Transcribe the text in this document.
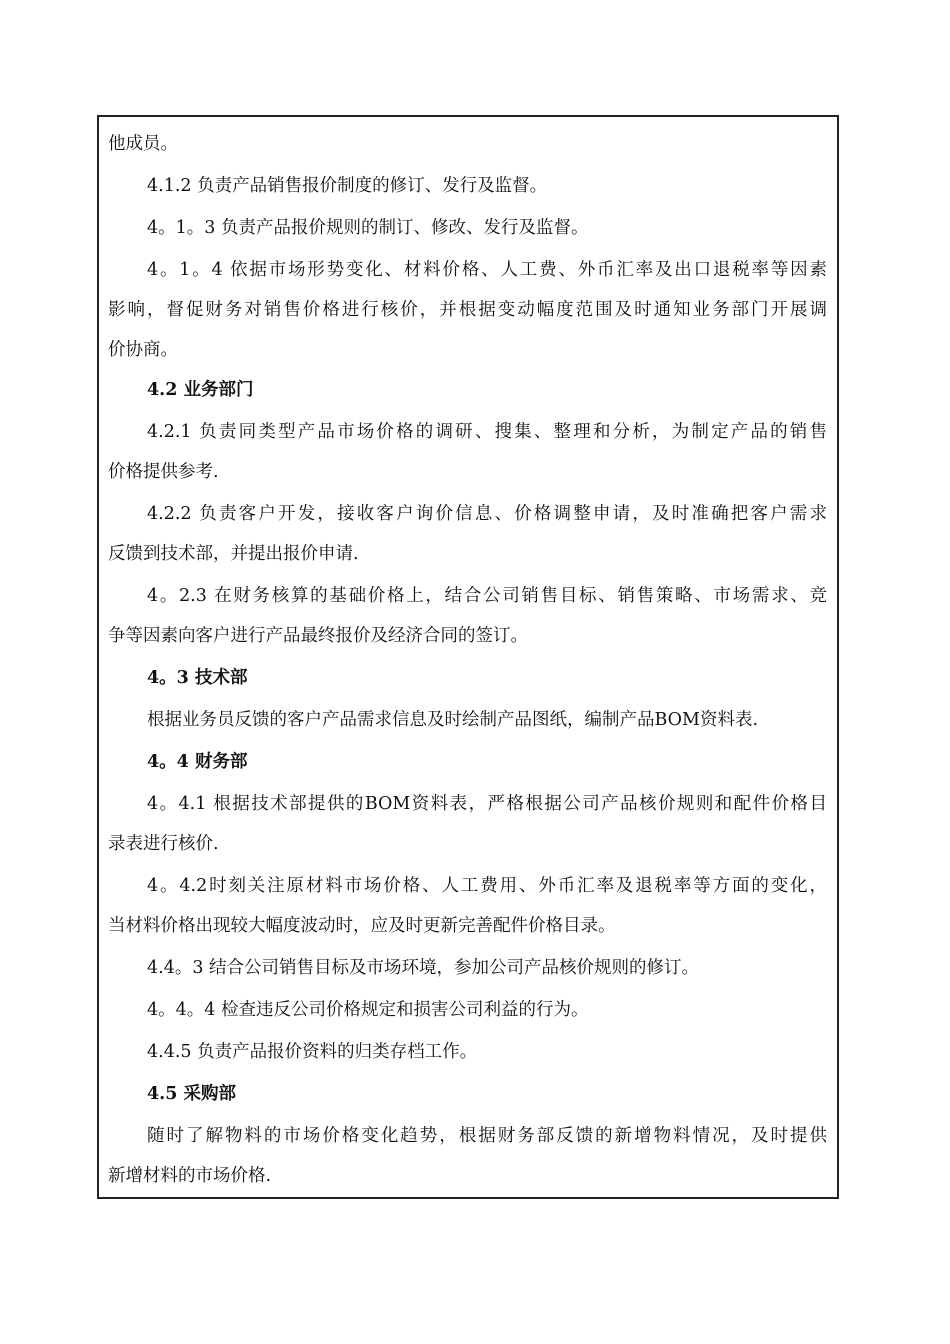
他成员。

4.1.2 负责产品销售报价制度的修订、发行及监督。

4。1。3 负责产品报价规则的制订、修改、发行及监督。

4。1。4 依据市场形势变化、材料价格、人工费、外币汇率及出口退税率等因素
影响，督促财务对销售价格进行核价，并根据变动幅度范围及时通知业务部门开展调
价协商。

4.2 业务部门

4.2.1 负责同类型产品市场价格的调研、搜集、整理和分析，为制定产品的销售
价格提供参考.

4.2.2 负责客户开发，接收客户询价信息、价格调整申请，及时准确把客户需求
反馈到技术部，并提出报价申请.

4。2.3 在财务核算的基础价格上，结合公司销售目标、销售策略、市场需求、竞
争等因素向客户进行产品最终报价及经济合同的签订。

4。3 技术部

根据业务员反馈的客户产品需求信息及时绘制产品图纸，编制产品BOM资料表.

4。4 财务部

4。4.1 根据技术部提供的BOM资料表，严格根据公司产品核价规则和配件价格目
录表进行核价.

4。4.2时刻关注原材料市场价格、人工费用、外币汇率及退税率等方面的变化，
当材料价格出现较大幅度波动时，应及时更新完善配件价格目录。

4.4。3 结合公司销售目标及市场环境，参加公司产品核价规则的修订。

4。4。4 检查违反公司价格规定和损害公司利益的行为。

4.4.5 负责产品报价资料的归类存档工作。

4.5 采购部

随时了解物料的市场价格变化趋势，根据财务部反馈的新增物料情况，及时提供
新增材料的市场价格.
